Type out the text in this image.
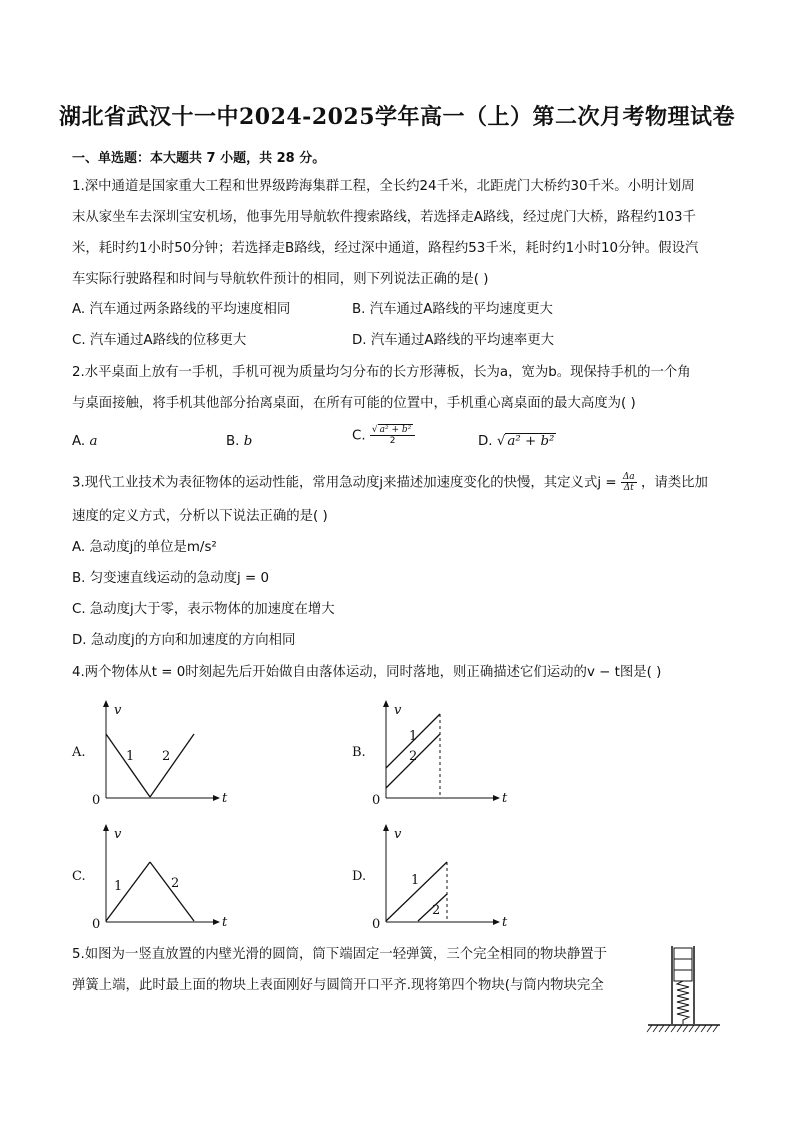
湖北省武汉十一中2024-2025学年高一（上）第二次月考物理试卷
一、单选题：本大题共 7 小题，共 28 分。
1.深中通道是国家重大工程和世界级跨海集群工程，全长约24千米，北距虎门大桥约30千米。小明计划周
末从家坐车去深圳宝安机场，他事先用导航软件搜索路线，若选择走A路线，经过虎门大桥，路程约103千
米，耗时约1小时50分钟；若选择走B路线，经过深中通道，路程约53千米，耗时约1小时10分钟。假设汽
车实际行驶路程和时间与导航软件预计的相同，则下列说法正确的是( )
A. 汽车通过两条路线的平均速度相同	B. 汽车通过A路线的平均速度更大
C. 汽车通过A路线的位移更大	D. 汽车通过A路线的平均速率更大
2.水平桌面上放有一手机，手机可视为质量均匀分布的长方形薄板，长为a，宽为b。现保持手机的一个角
与桌面接触，将手机其他部分抬离桌面，在所有可能的位置中，手机重心离桌面的最大高度为( )
A. a	B. b	C. $\frac{\text{√ a² + b²}}{2}$	D. √ a² + b²
3.现代工业技术为表征物体的运动性能，常用急动度j来描述加速度变化的快慢，其定义式$j = \frac{\Delta a}{\Delta t}$ ，请类比加
速度的定义方式，分析以下说法正确的是( )
A. 急动度j的单位是m/s²
B. 匀变速直线运动的急动度j = 0
C. 急动度j大于零，表示物体的加速度在增大
D. 急动度j的方向和加速度的方向相同
4.两个物体从t = 0时刻起先后开始做自由落体运动，同时落地，则正确描述它们运动的v − t图是( )
A.
v
t
0
1 2	B.
v
t
0
1
2
C.
v
t
0
1	2	D.
v
t
0
1
2
5.如图为一竖直放置的内壁光滑的圆筒，筒下端固定一轻弹簧，三个完全相同的物块静置于
弹簧上端，此时最上面的物块上表面刚好与圆筒开口平齐.现将第四个物块(与筒内物块完全
